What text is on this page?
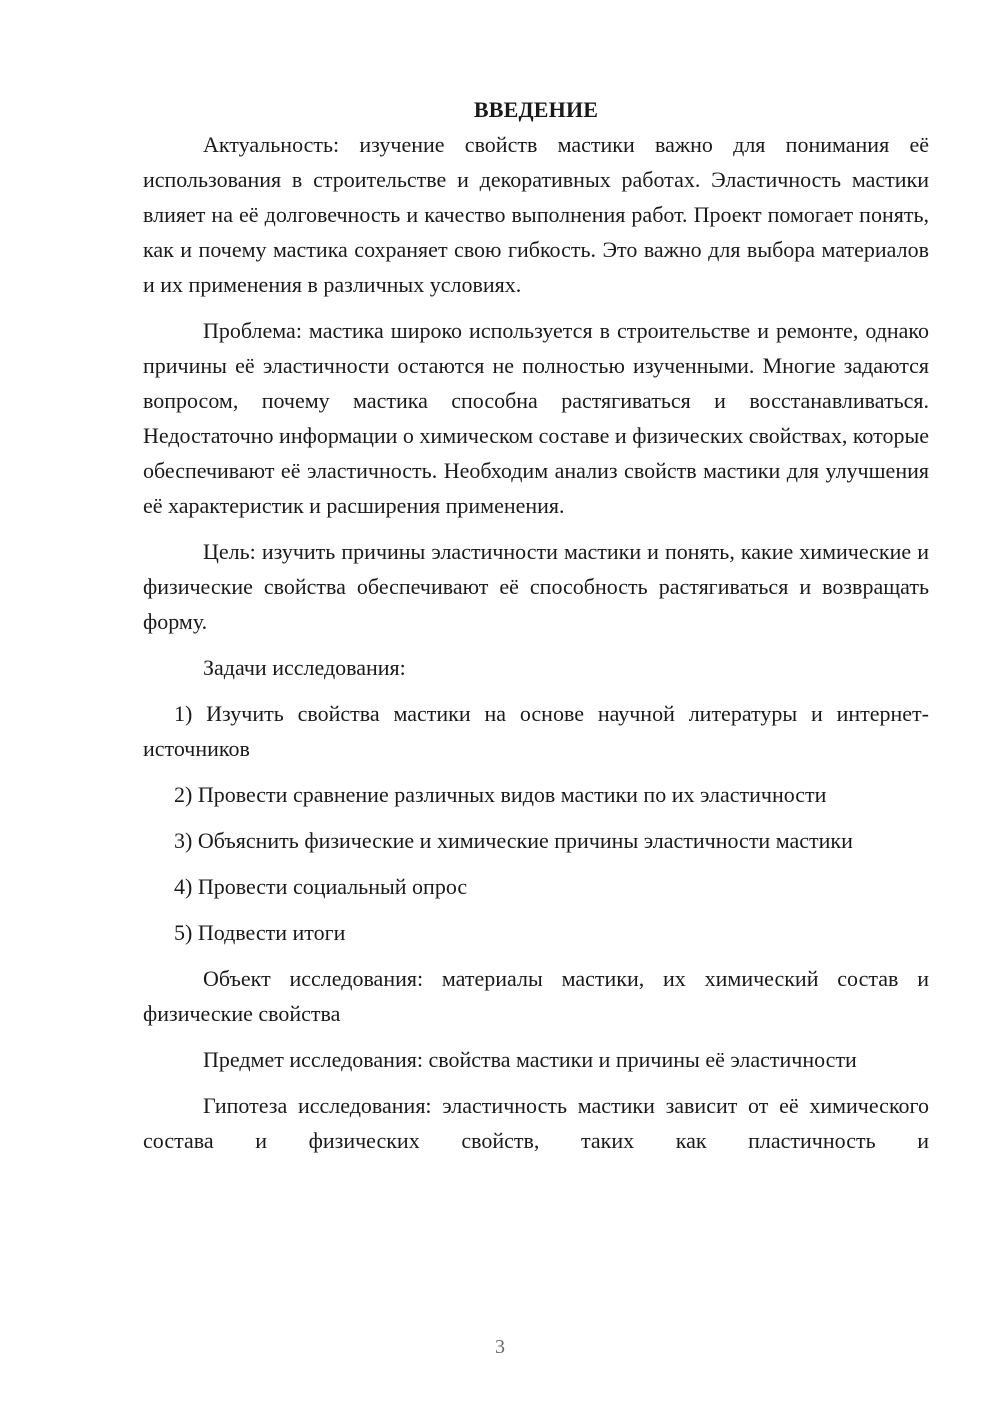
ВВЕДЕНИЕ

Актуальность: изучение свойств мастики важно для понимания её использования в строительстве и декоративных работах. Эластичность мастики влияет на её долговечность и качество выполнения работ. Проект помогает понять, как и почему мастика сохраняет свою гибкость. Это важно для выбора материалов и их применения в различных условиях.

Проблема: мастика широко используется в строительстве и ремонте, однако причины её эластичности остаются не полностью изученными. Многие задаются вопросом, почему мастика способна растягиваться и восстанавливаться. Недостаточно информации о химическом составе и физических свойствах, которые обеспечивают её эластичность. Необходим анализ свойств мастики для улучшения её характеристик и расширения применения.

Цель: изучить причины эластичности мастики и понять, какие химические и физические свойства обеспечивают её способность растягиваться и возвращать форму.

Задачи исследования:

1) Изучить свойства мастики на основе научной литературы и интернет-источников

2) Провести сравнение различных видов мастики по их эластичности

3) Объяснить физические и химические причины эластичности мастики

4) Провести социальный опрос

5) Подвести итоги

Объект исследования: материалы мастики, их химический состав и физические свойства

Предмет исследования: свойства мастики и причины её эластичности

Гипотеза исследования: эластичность мастики зависит от её химического состава и физических свойств, таких как пластичность и

3
